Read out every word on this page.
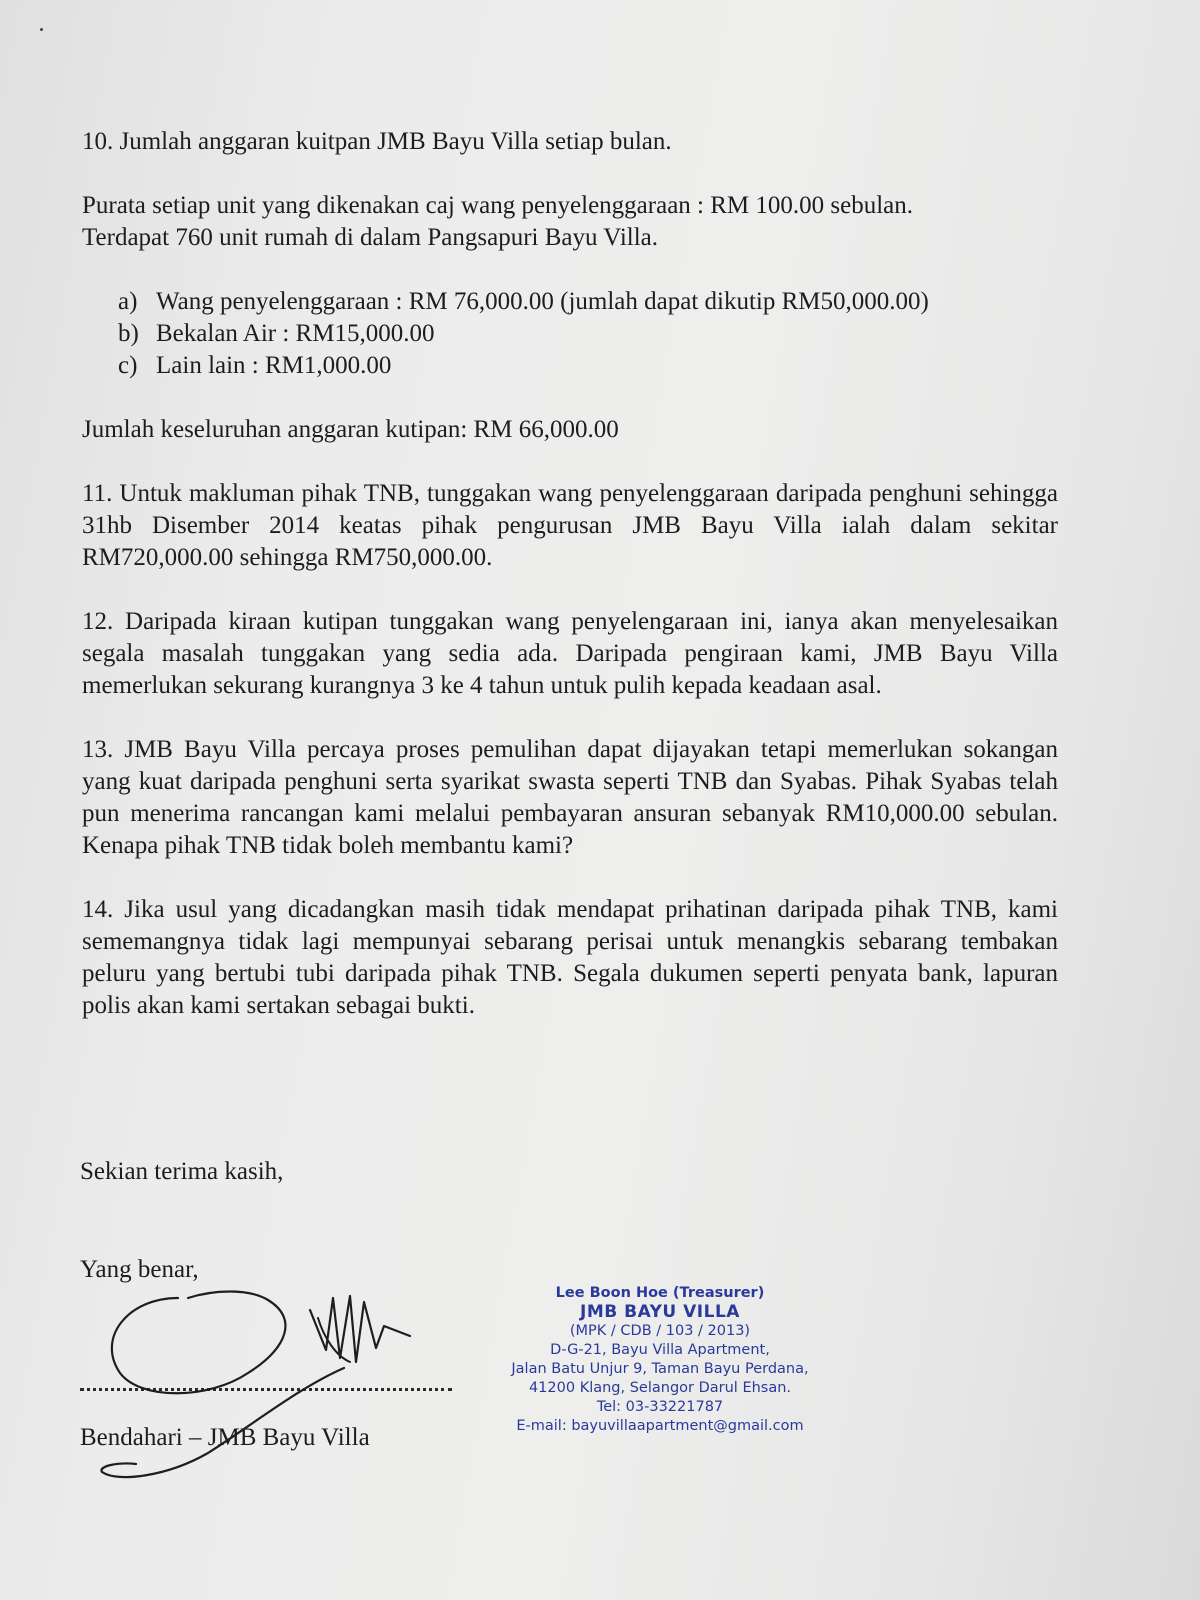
10. Jumlah anggaran kuitpan JMB Bayu Villa setiap bulan.

Purata setiap unit yang dikenakan caj wang penyelenggaraan : RM 100.00 sebulan.

Terdapat 760 unit rumah di dalam Pangsapuri Bayu Villa.

a) Wang penyelenggaraan : RM 76,000.00 (jumlah dapat dikutip RM50,000.00)
b) Bekalan Air : RM15,000.00
c) Lain lain : RM1,000.00

Jumlah keseluruhan anggaran kutipan: RM 66,000.00

11. Untuk makluman pihak TNB, tunggakan wang penyelenggaraan daripada penghuni sehingga 31hb Disember 2014 keatas pihak pengurusan JMB Bayu Villa ialah dalam sekitar RM720,000.00 sehingga RM750,000.00.

12. Daripada kiraan kutipan tunggakan wang penyelengaraan ini, ianya akan menyelesaikan segala masalah tunggakan yang sedia ada. Daripada pengiraan kami, JMB Bayu Villa memerlukan sekurang kurangnya 3 ke 4 tahun untuk pulih kepada keadaan asal.

13. JMB Bayu Villa percaya proses pemulihan dapat dijayakan tetapi memerlukan sokangan yang kuat daripada penghuni serta syarikat swasta seperti TNB dan Syabas. Pihak Syabas telah pun menerima rancangan kami melalui pembayaran ansuran sebanyak RM10,000.00 sebulan. Kenapa pihak TNB tidak boleh membantu kami?

14. Jika usul yang dicadangkan masih tidak mendapat prihatinan daripada pihak TNB, kami sememangnya tidak lagi mempunyai sebarang perisai untuk menangkis sebarang tembakan peluru yang bertubi tubi daripada pihak TNB. Segala dukumen seperti penyata bank, lapuran polis akan kami sertakan sebagai bukti.

Sekian terima kasih,
Yang benar,
Bendahari – JMB Bayu Villa
Lee Boon Hoe (Treasurer)
JMB BAYU VILLA
(MPK / CDB / 103 / 2013)
D-G-21, Bayu Villa Apartment,
Jalan Batu Unjur 9, Taman Bayu Perdana,
41200 Klang, Selangor Darul Ehsan.
Tel: 03-33221787
E-mail: bayuvillaapartment@gmail.com
